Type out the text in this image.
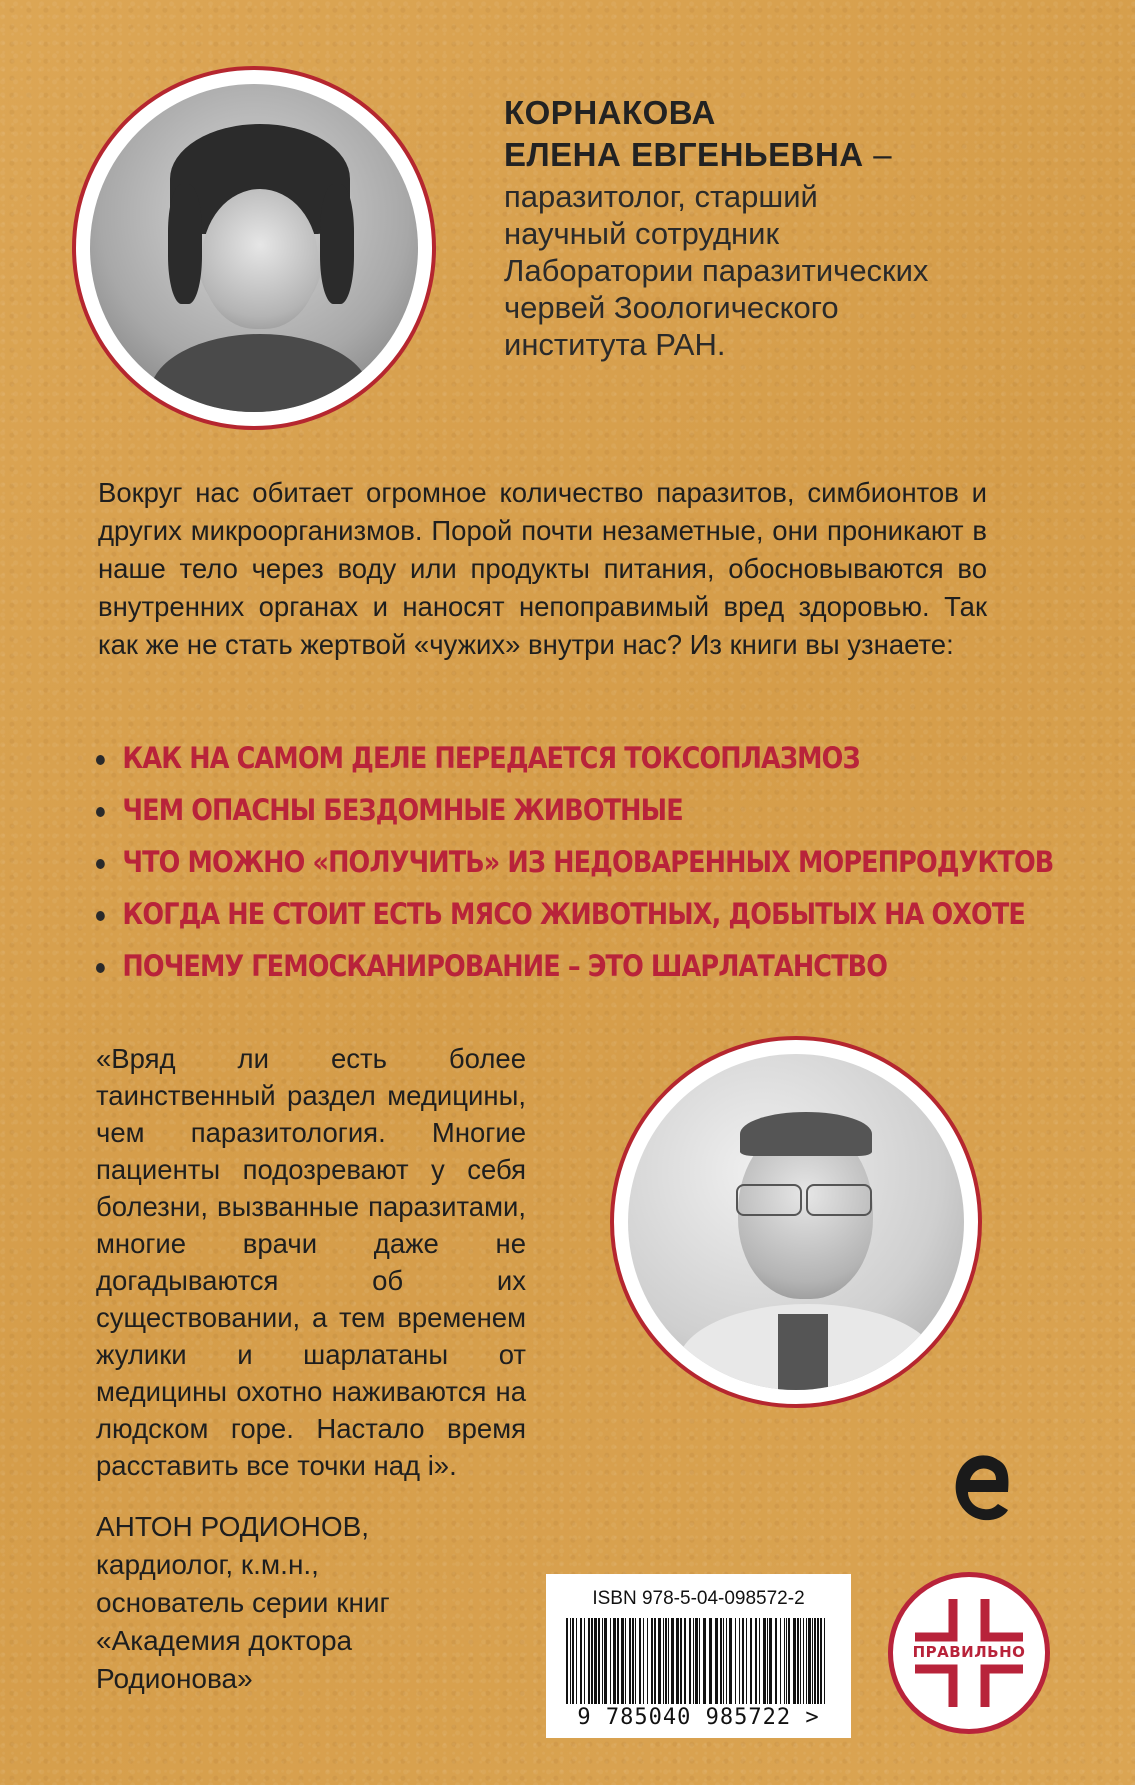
КОРНАКОВА
ЕЛЕНА ЕВГЕНЬЕВНА –
паразитолог, старший
научный сотрудник
Лаборатории паразитических
червей Зоологического
института РАН.
Вокруг нас обитает огромное количество паразитов, симбионтов и других микроорганизмов. Порой почти незаметные, они проникают в наше тело через воду или продукты питания, обосновываются во внутренних органах и наносят непоправимый вред здоровью. Так как же не стать жертвой «чужих» внутри нас? Из книги вы узнаете:
КАК НА САМОМ ДЕЛЕ ПЕРЕДАЕТСЯ ТОКСОПЛАЗМОЗ
ЧЕМ ОПАСНЫ БЕЗДОМНЫЕ ЖИВОТНЫЕ
ЧТО МОЖНО «ПОЛУЧИТЬ» ИЗ НЕДОВАРЕННЫХ МОРЕПРОДУКТОВ
КОГДА НЕ СТОИТ ЕСТЬ МЯСО ЖИВОТНЫХ, ДОБЫТЫХ НА ОХОТЕ
ПОЧЕМУ ГЕМОСКАНИРОВАНИЕ – ЭТО ШАРЛАТАНСТВО
«Вряд ли есть более таинственный раздел медицины, чем паразитология. Многие пациенты подозревают у себя болезни, вызванные паразитами, многие врачи даже не догадываются об их существовании, а тем временем жулики и шарлатаны от медицины охотно наживаются на людском горе. Настало время расставить все точки над i».
АНТОН РОДИОНОВ,
кардиолог, к.м.н.,
основатель серии книг
«Академия доктора
Родионова»
ISBN 978-5-04-098572-2
9 785040 985722 >
ПРАВИЛЬНО
